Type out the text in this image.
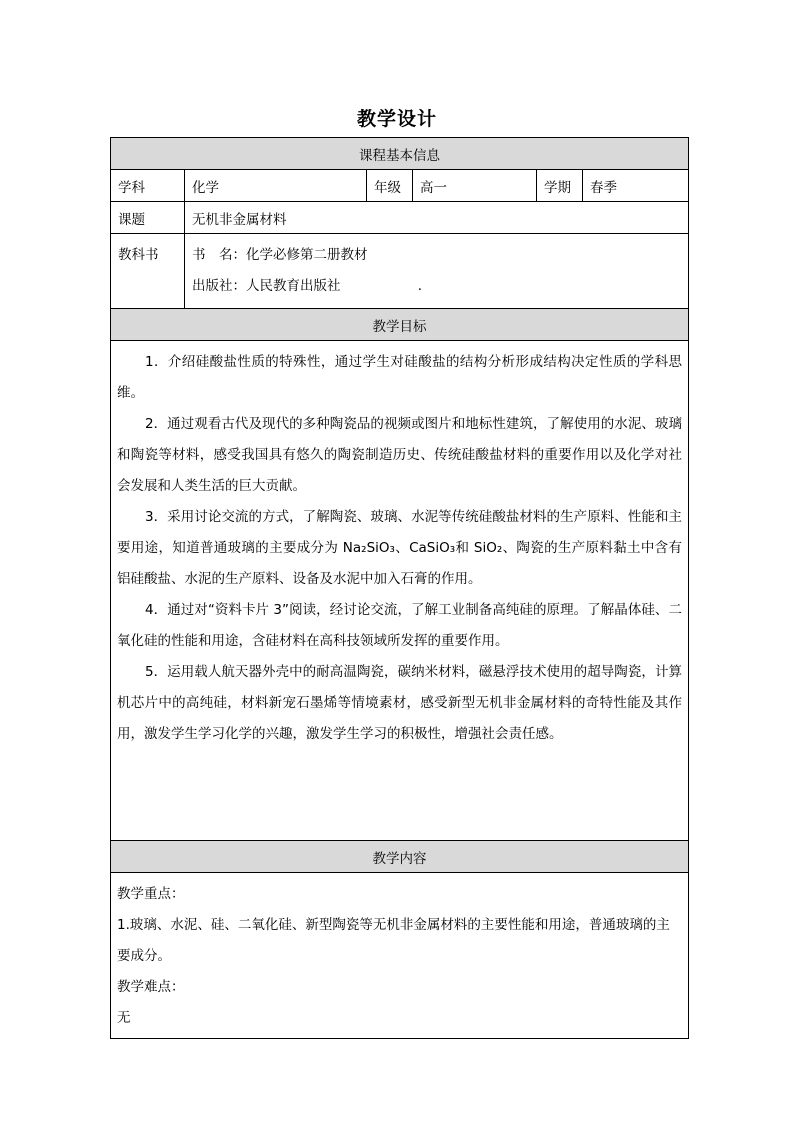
教学设计
课程基本信息					
学科	化学	年级	高一	学期	春季
课题	无机非金属材料				
教科书	书　名：化学必修第二册教材
出版社：人民教育出版社                  .				

教学目标					

1．介绍硅酸盐性质的特殊性，通过学生对硅酸盐的结构分析形成结构决定性质的学科思维。

2．通过观看古代及现代的多种陶瓷品的视频或图片和地标性建筑，了解使用的水泥、玻璃和陶瓷等材料，感受我国具有悠久的陶瓷制造历史、传统硅酸盐材料的重要作用以及化学对社会发展和人类生活的巨大贡献。

3．采用讨论交流的方式，了解陶瓷、玻璃、水泥等传统硅酸盐材料的生产原料、性能和主要用途，知道普通玻璃的主要成分为 Na₂SiO₃、CaSiO₃和 SiO₂、陶瓷的生产原料黏土中含有铝硅酸盐、水泥的生产原料、设备及水泥中加入石膏的作用。

4．通过对“资料卡片 3”阅读，经讨论交流，了解工业制备高纯硅的原理。了解晶体硅、二氧化硅的性能和用途，含硅材料在高科技领域所发挥的重要作用。

5．运用载人航天器外壳中的耐高温陶瓷，碳纳米材料，磁悬浮技术使用的超导陶瓷，计算机芯片中的高纯硅，材料新宠石墨烯等情境素材，感受新型无机非金属材料的奇特性能及其作用，激发学生学习化学的兴趣，激发学生学习的积极性，增强社会责任感。					

教学内容					

教学重点：

1.玻璃、水泥、硅、二氧化硅、新型陶瓷等无机非金属材料的主要性能和用途，普通玻璃的主要成分。

教学难点：

无					
